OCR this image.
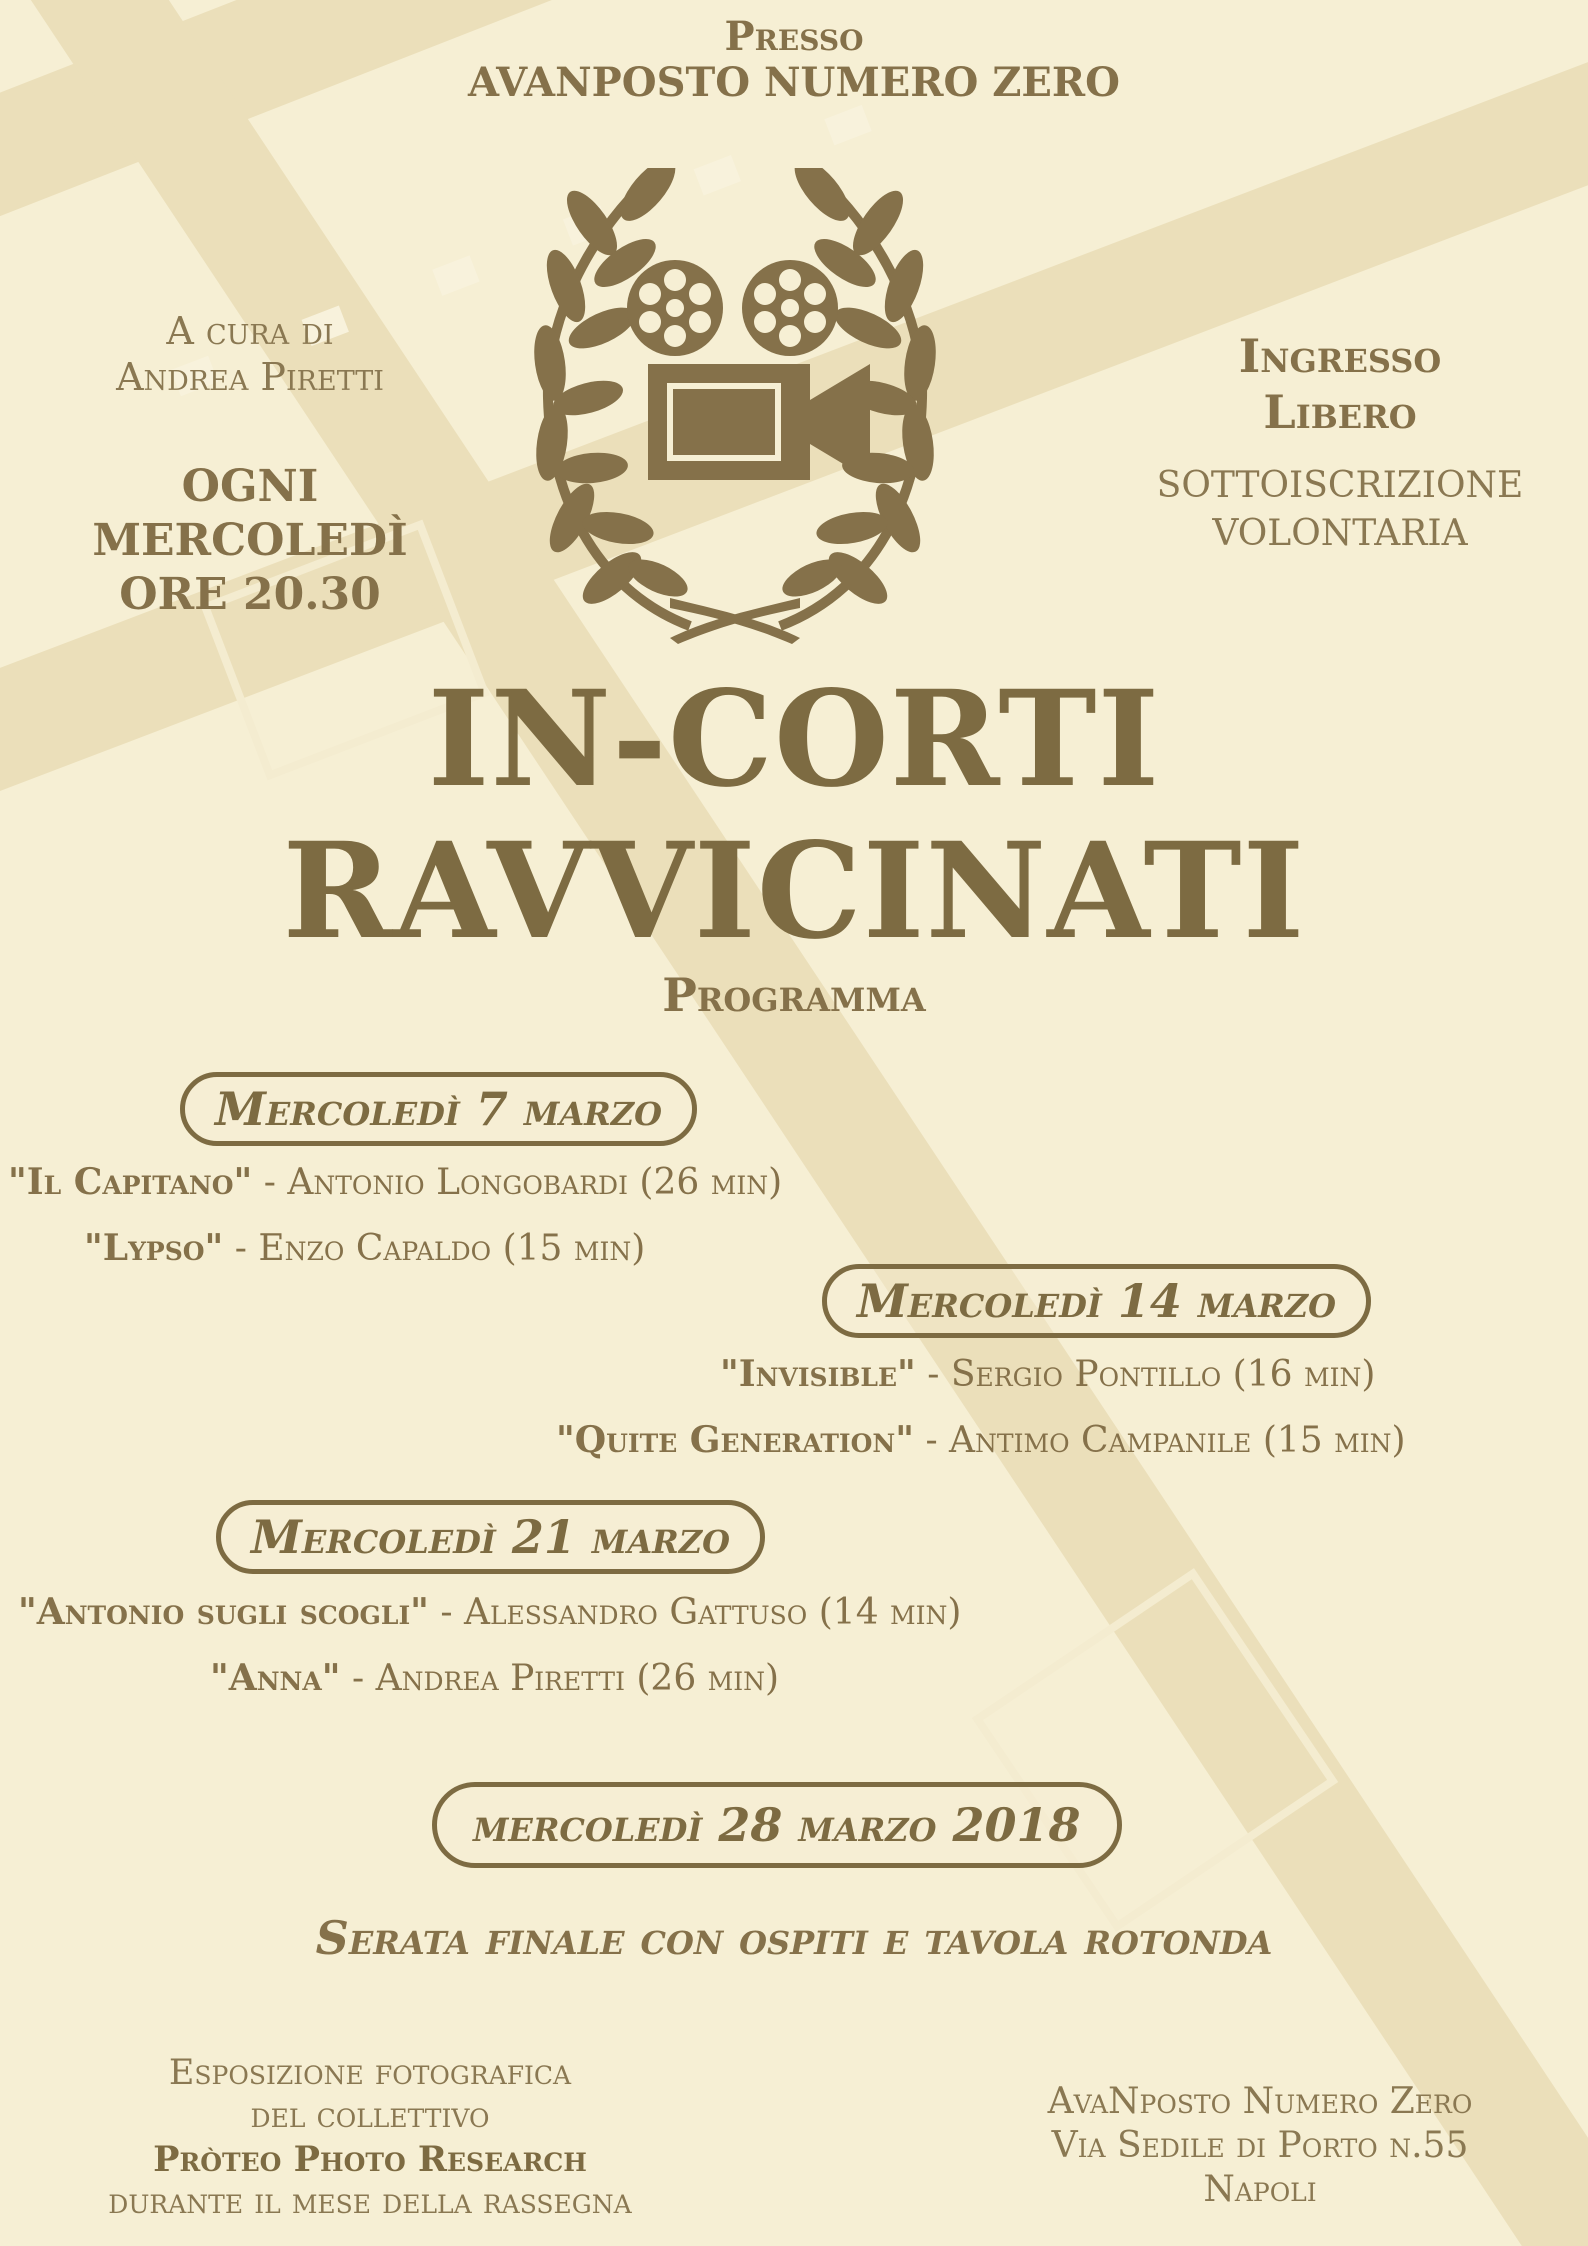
Presso
AVANPOSTO NUMERO ZERO
A cura di
Andrea Piretti
OGNI MERCOLEDÌ
ORE 20.30
Ingresso
Libero
SOTTOISCRIZIONE
VOLONTARIA
IN-CORTI
RAVVICINATI
Programma
Mercoledì 7 marzo
"Il Capitano" - Antonio Longobardi (26 min)
"Lypso" - Enzo Capaldo (15 min)
Mercoledì 14 marzo
"Invisible" - Sergio Pontillo (16 min)
"Quite Generation" - Antimo Campanile (15 min)
Mercoledì 21 marzo
"Antonio sugli scogli" - Alessandro Gattuso (14 min)
"Anna" - Andrea Piretti (26 min)
mercoledì 28 marzo 2018
Serata finale con ospiti e tavola rotonda
Esposizione fotografica
del collettivo
Pròteo Photo Research
durante il mese della rassegna
AvaNposto Numero Zero
Via Sedile di Porto n.55
Napoli
